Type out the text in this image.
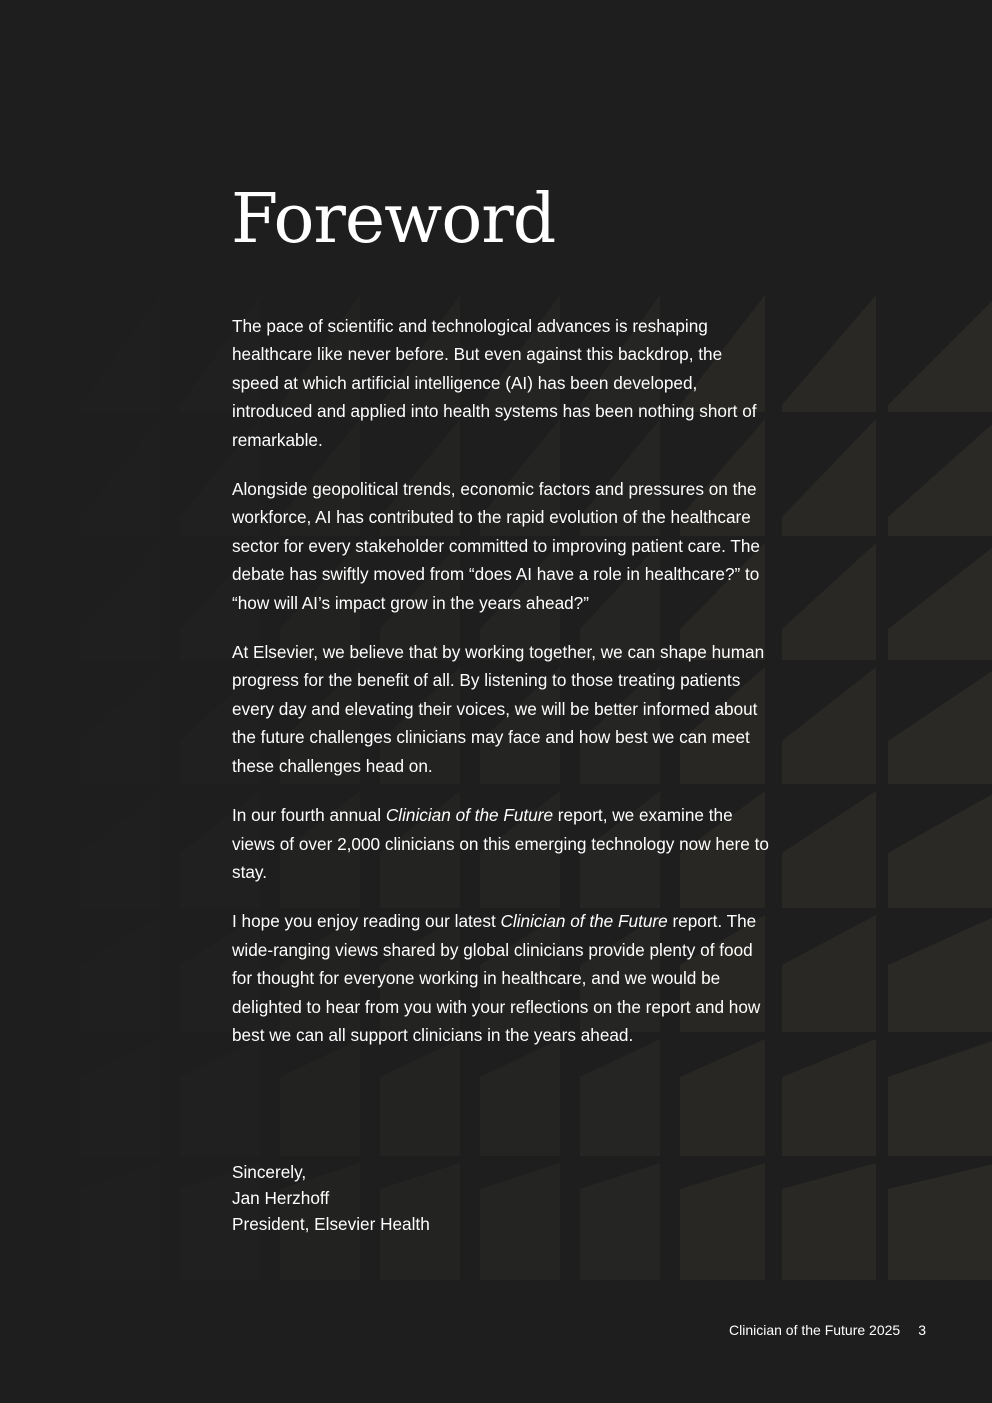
Foreword

The pace of scientific and technological advances is reshaping healthcare like never before. But even against this backdrop, the speed at which artificial intelligence (AI) has been developed, introduced and applied into health systems has been nothing short of remarkable.

Alongside geopolitical trends, economic factors and pressures on the workforce, AI has contributed to the rapid evolution of the healthcare sector for every stakeholder committed to improving patient care. The debate has swiftly moved from “does AI have a role in healthcare?” to “how will AI’s impact grow in the years ahead?”

At Elsevier, we believe that by working together, we can shape human progress for the benefit of all. By listening to those treating patients every day and elevating their voices, we will be better informed about the future challenges clinicians may face and how best we can meet these challenges head on.

In our fourth annual Clinician of the Future report, we examine the views of over 2,000 clinicians on this emerging technology now here to stay.

I hope you enjoy reading our latest Clinician of the Future report. The wide-ranging views shared by global clinicians provide plenty of food for thought for everyone working in healthcare, and we would be delighted to hear from you with your reflections on the report and how best we can all support clinicians in the years ahead.

Sincerely,
Jan Herzhoff
President, Elsevier Health
Clinician of the Future 2025 3
